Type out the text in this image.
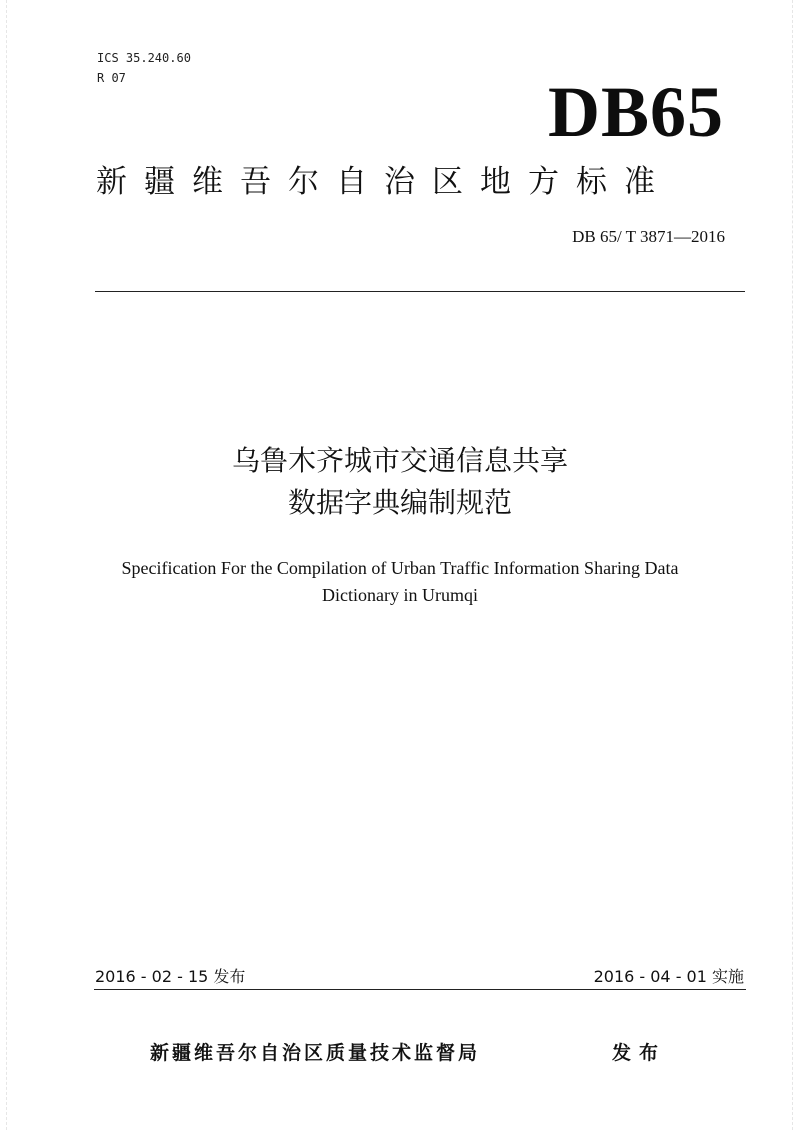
ICS 35.240.60
R 07	DB65
新疆维吾尔自治区地方标准
DB 65/ T 3871—2016
乌鲁木齐城市交通信息共享
数据字典编制规范
Specification For the Compilation of Urban Traffic Information Sharing Data
Dictionary in Urumqi
2016 - 02 - 15 发布	2016 - 04 - 01 实施
新疆维吾尔自治区质量技术监督局	发布
